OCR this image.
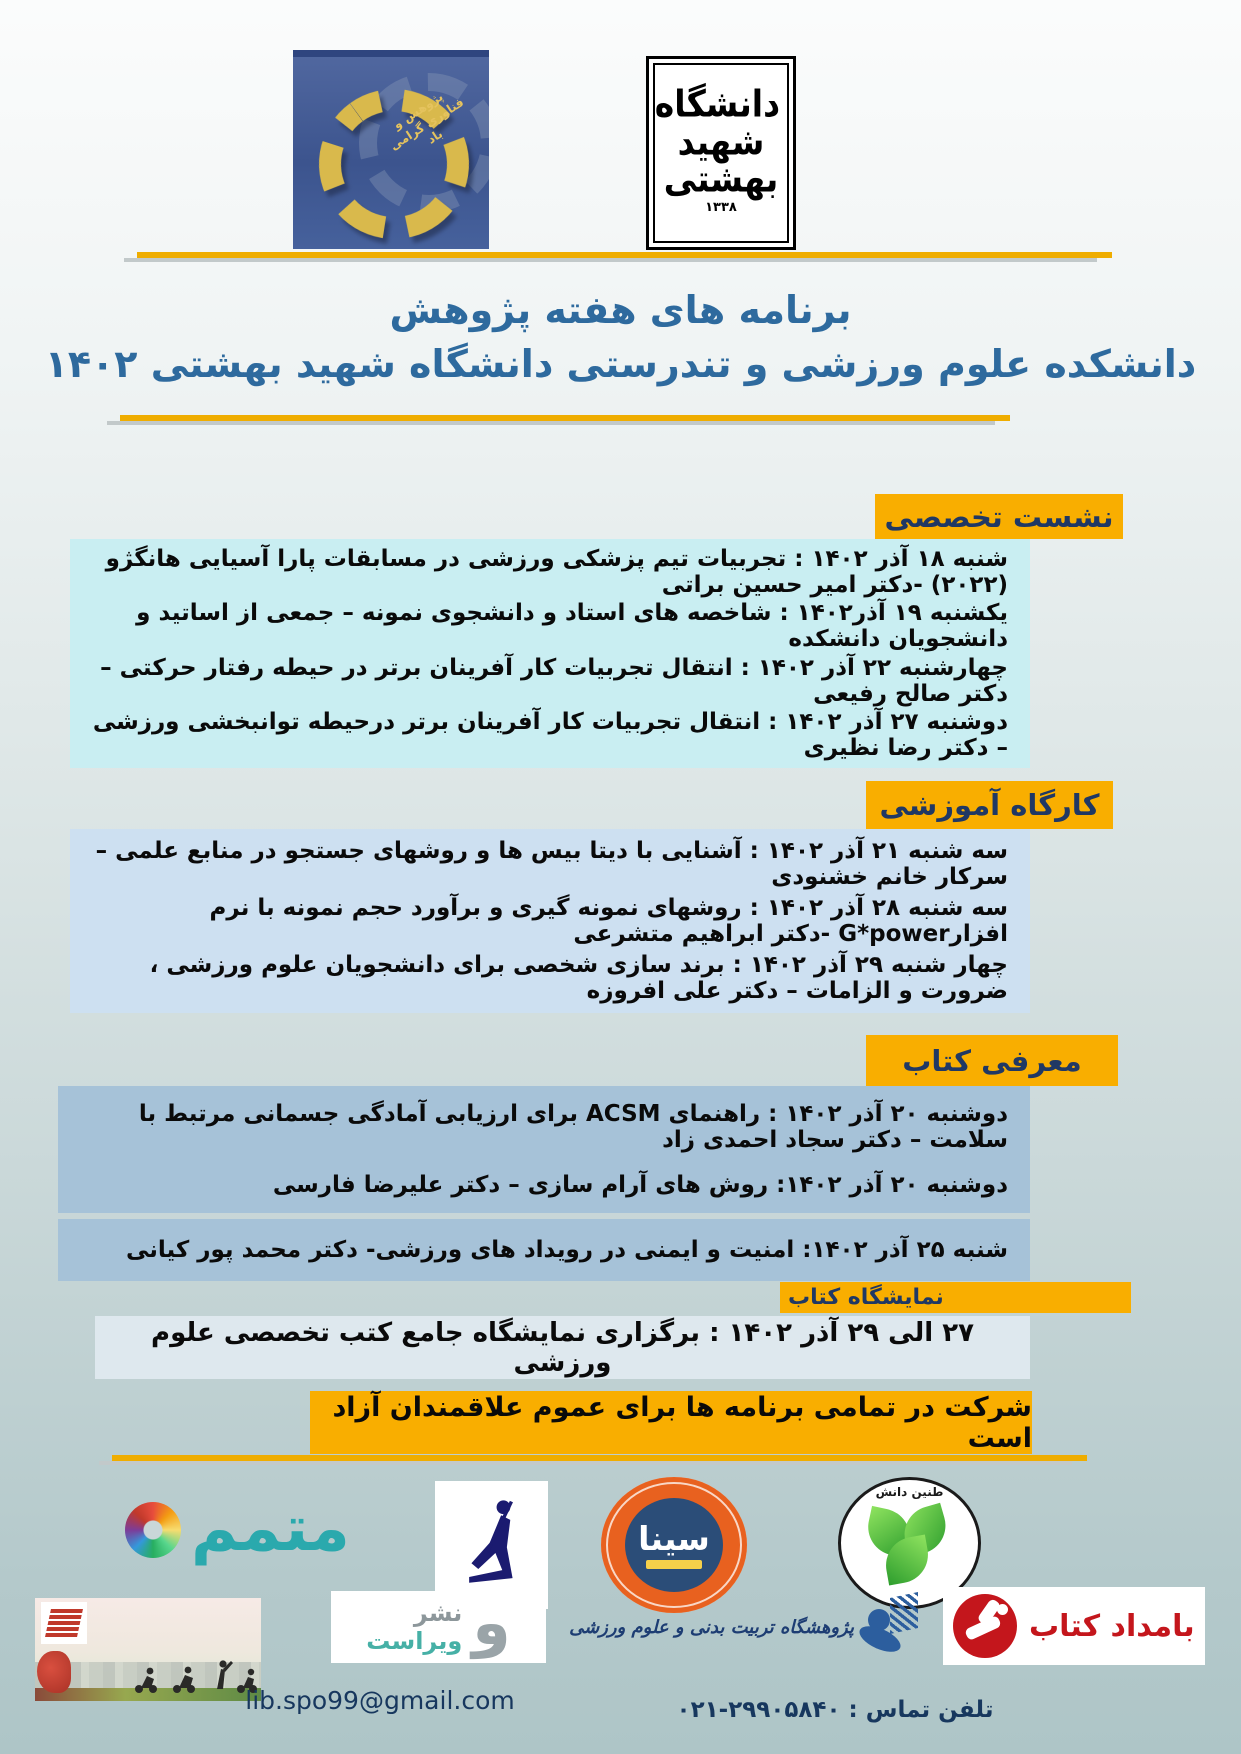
پژوهش و فناوری گرامی باد
دانشگاه شهید بهشتی
۱۳۳۸
برنامه های هفته پژوهش
دانشکده علوم ورزشی و تندرستی دانشگاه شهید بهشتی ۱۴۰۲
نشست تخصصی
شنبه ۱۸ آذر ۱۴۰۲ : تجربیات تیم پزشکی ورزشی در مسابقات پارا آسیایی هانگژو (۲۰۲۲) -دکتر امیر حسین براتی
یکشنبه ۱۹ آذر۱۴۰۲ : شاخصه های استاد و دانشجوی نمونه – جمعی از اساتید و دانشجویان دانشکده
چهارشنبه ۲۲ آذر ۱۴۰۲ : انتقال تجربیات کار آفرینان برتر در حیطه رفتار حرکتی – دکتر صالح رفیعی
دوشنبه ۲۷ آذر ۱۴۰۲ : انتقال تجربیات کار آفرینان برتر درحیطه توانبخشی ورزشی – دکتر رضا نظیری
کارگاه آموزشی
سه شنبه ۲۱ آذر ۱۴۰۲ : آشنایی با دیتا بیس ها و روشهای جستجو در منابع علمی – سرکار خانم خشنودی
سه شنبه ۲۸ آذر ۱۴۰۲ : روشهای نمونه گیری و برآورد حجم نمونه با نرم افزارG*power -دکتر ابراهیم متشرعی
چهار شنبه ۲۹ آذر ۱۴۰۲ : برند سازی شخصی برای دانشجویان علوم ورزشی ، ضرورت و الزامات – دکتر علی افروزه
معرفی کتاب
دوشنبه ۲۰ آذر ۱۴۰۲ : راهنمای ACSM برای ارزیابی آمادگی جسمانی مرتبط با سلامت – دکتر سجاد احمدی زاد
دوشنبه ۲۰ آذر ۱۴۰۲: روش های آرام سازی – دکتر علیرضا فارسی
شنبه ۲۵ آذر ۱۴۰۲: امنیت و ایمنی در رویداد های ورزشی- دکتر محمد پور کیانی
نمایشگاه کتاب
۲۷ الی ۲۹ آذر ۱۴۰۲ : برگزاری نمایشگاه جامع کتب تخصصی علوم ورزشی
شرکت در تمامی برنامه ها برای عموم علاقمندان آزاد است
متمم	سینا
طنین دانش
و
نشر
ویراست	پژوهشگاه تربیت بدنی و علوم ورزشی	بامداد کتاب
lib.spo99@gmail.com	تلفن تماس : ۰۲۱-۲۹۹۰۵۸۴۰
